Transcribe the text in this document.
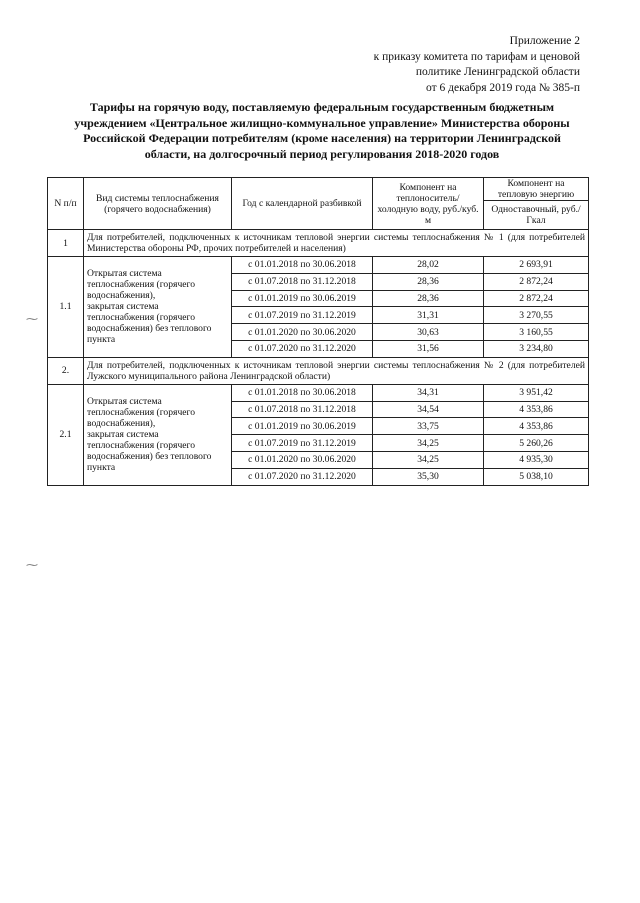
Приложение 2
к приказу комитета по тарифам и ценовой
политике Ленинградской области
от 6 декабря 2019 года № 385-п
Тарифы на горячую воду, поставляемую федеральным государственным бюджетным
учреждением «Центральное жилищно-коммунальное управление» Министерства обороны
Российской Федерации потребителям (кроме населения) на территории Ленинградской
области, на долгосрочный период регулирования 2018-2020 годов
⁓
⁓
N п/п	Вид системы теплоснабжения (горячего водоснабжения)	Год с календарной разбивкой	Компонент на теплоноситель/ холодную воду, руб./куб. м	Компонент на тепловую энергию
				Одноставочный, руб./Гкал
1	Для потребителей, подключенных к источникам тепловой энергии системы теплоснабжения № 1 (для потребителей Министерства обороны РФ, прочих потребителей и населения)			
1.1	Открытая система теплоснабжения (горячего водоснабжения),
закрытая система теплоснабжения (горячего водоснабжения) без теплового пункта	с 01.01.2018 по 30.06.2018	28,02	2 693,91
		с 01.07.2018 по 31.12.2018	28,36	2 872,24
		с 01.01.2019 по 30.06.2019	28,36	2 872,24
		с 01.07.2019 по 31.12.2019	31,31	3 270,55
		с 01.01.2020 по 30.06.2020	30,63	3 160,55
		с 01.07.2020 по 31.12.2020	31,56	3 234,80
2.	Для потребителей, подключенных к источникам тепловой энергии системы теплоснабжения № 2 (для потребителей Лужского муниципального района Ленинградской области)			
2.1	Открытая система теплоснабжения (горячего водоснабжения),
закрытая система теплоснабжения (горячего водоснабжения) без теплового пункта	с 01.01.2018 по 30.06.2018	34,31	3 951,42
		с 01.07.2018 по 31.12.2018	34,54	4 353,86
		с 01.01.2019 по 30.06.2019	33,75	4 353,86
		с 01.07.2019 по 31.12.2019	34,25	5 260,26
		с 01.01.2020 по 30.06.2020	34,25	4 935,30
		с 01.07.2020 по 31.12.2020	35,30	5 038,10
